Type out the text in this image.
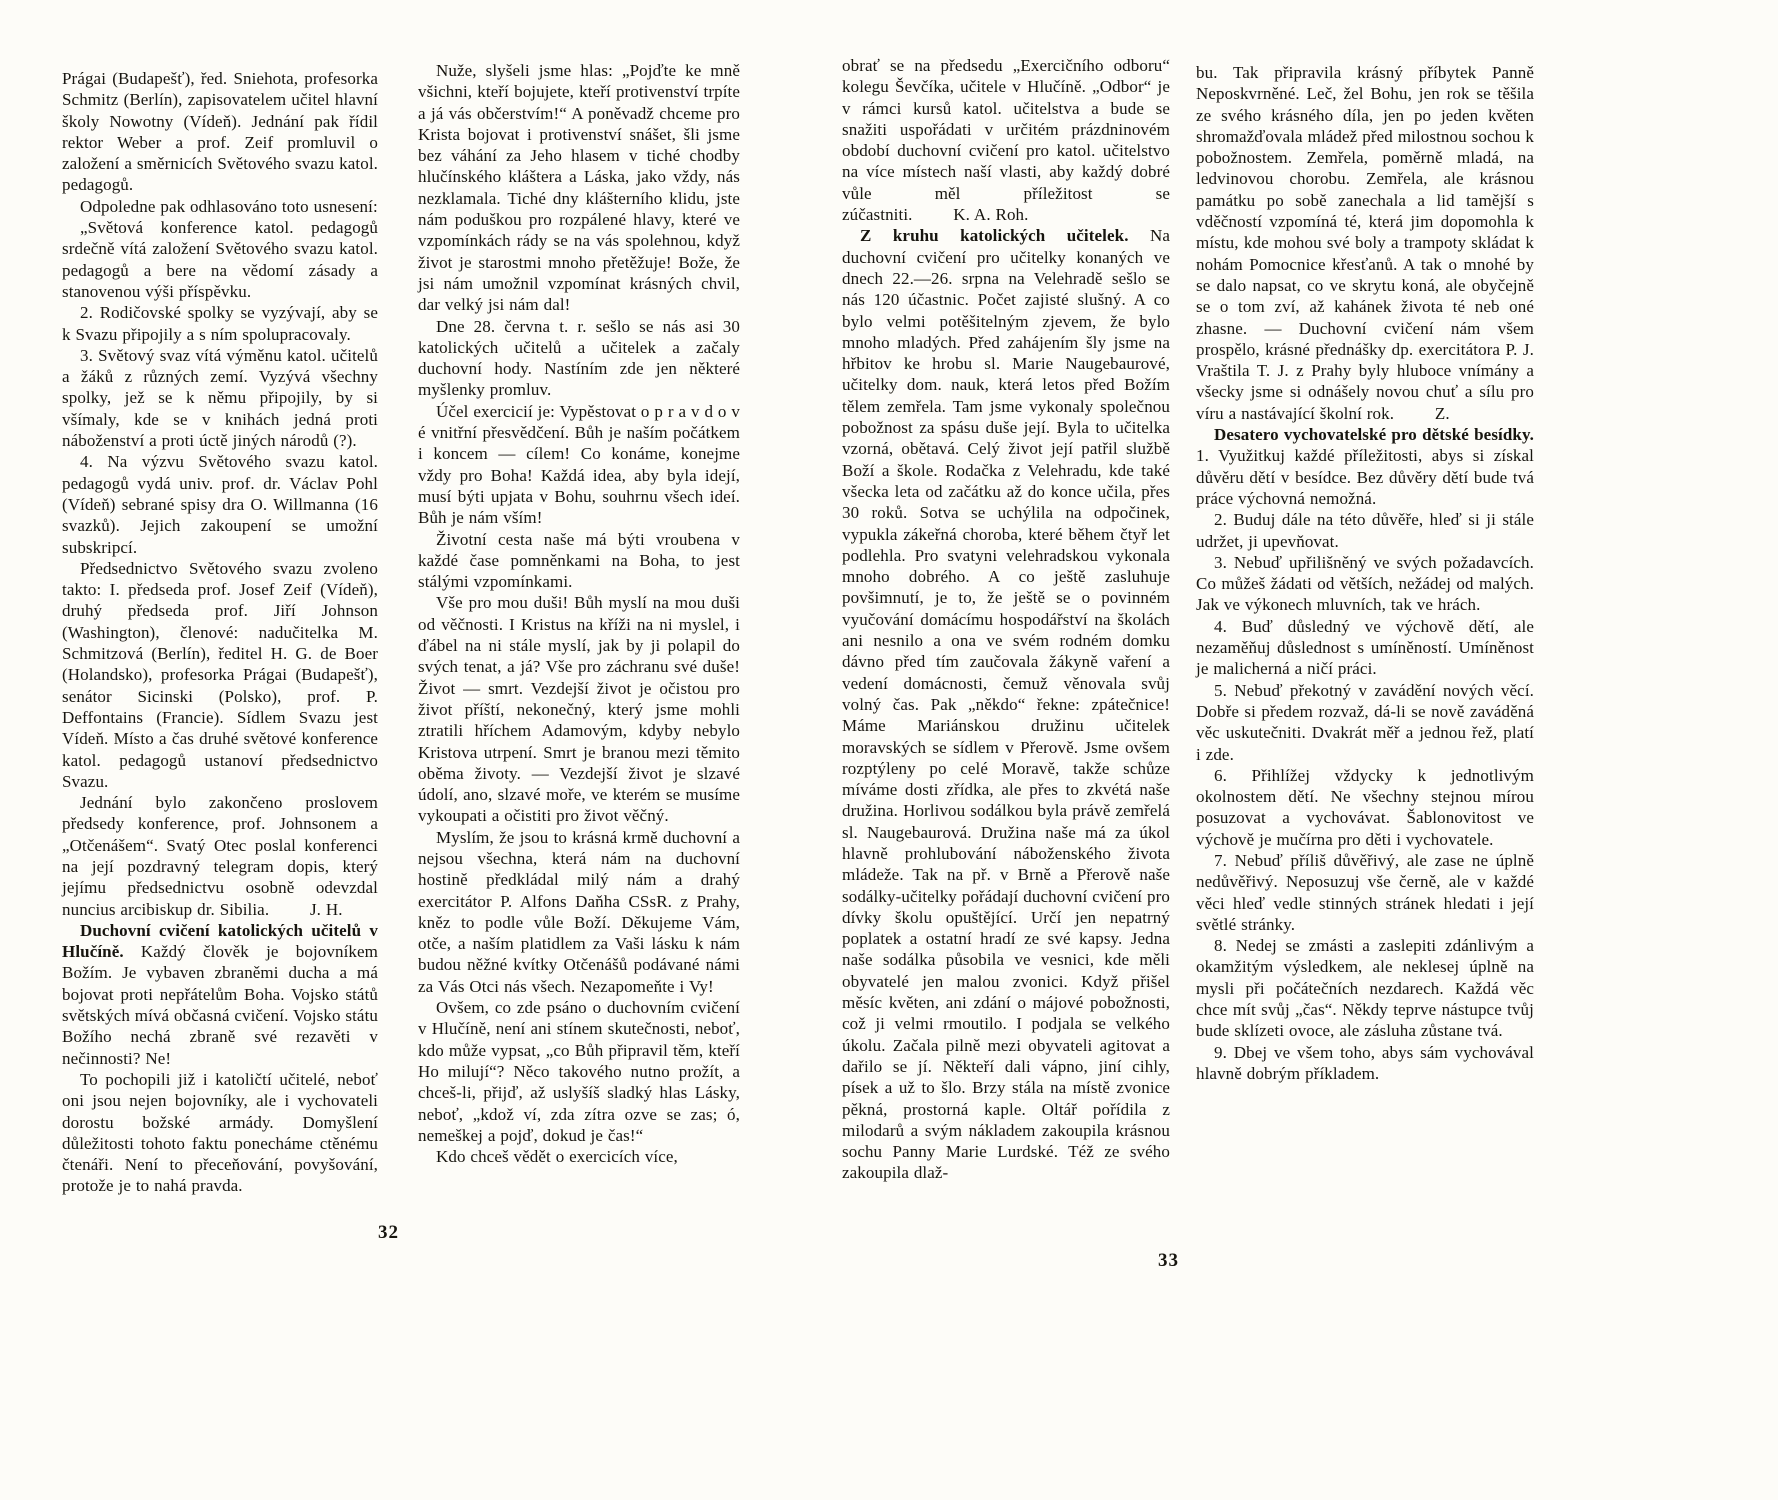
Prágai (Budapešť), řed. Sniehota, profesorka Schmitz (Berlín), zapisovatelem učitel hlavní školy Nowotny (Vídeň). Jednání pak řídil rektor Weber a prof. Zeif promluvil o založení a směrnicích Světového svazu katol. pedagogů.

Odpoledne pak odhlasováno toto usnesení:

„Světová konference katol. pedagogů srdečně vítá založení Světového svazu katol. pedagogů a bere na vědomí zásady a stanovenou výši příspěvku.

2. Rodičovské spolky se vyzývají, aby se k Svazu připojily a s ním spolupracovaly.

3. Světový svaz vítá výměnu katol. učitelů a žáků z různých zemí. Vyzývá všechny spolky, jež se k němu připojily, by si všímaly, kde se v knihách jedná proti náboženství a proti úctě jiných národů (?).

4. Na výzvu Světového svazu katol. pedagogů vydá univ. prof. dr. Václav Pohl (Vídeň) sebrané spisy dra O. Willmanna (16 svazků). Jejich zakoupení se umožní subskripcí.

Předsednictvo Světového svazu zvoleno takto: I. předseda prof. Josef Zeif (Vídeň), druhý předseda prof. Jiří Johnson (Washington), členové: nadučitelka M. Schmitzová (Berlín), ředitel H. G. de Boer (Holandsko), profesorka Prágai (Budapešť), senátor Sicinski (Polsko), prof. P. Deffontains (Francie). Sídlem Svazu jest Vídeň. Místo a čas druhé světové konference katol. pedagogů ustanoví předsednictvo Svazu.

Jednání bylo zakončeno proslovem předsedy konference, prof. Johnsonem a „Otčenášem“. Svatý Otec poslal konferenci na její pozdravný telegram dopis, který jejímu předsednictvu osobně odevzdal nuncius arcibiskup dr. Sibilia. J. H.

Duchovní cvičení katolických učitelů v Hlučíně. Každý člověk je bojovníkem Božím. Je vybaven zbraněmi ducha a má bojovat proti nepřátelům Boha. Vojsko států světských mívá občasná cvičení. Vojsko státu Božího nechá zbraně své rezavěti v nečinnosti? Ne!

To pochopili již i katoličtí učitelé, neboť oni jsou nejen bojovníky, ale i vychovateli dorostu božské armády. Domyšlení důležitosti tohoto faktu ponecháme ctěnému čtenáři. Není to přeceňování, povyšování, protože je to nahá pravda.

Nuže, slyšeli jsme hlas: „Pojďte ke mně všichni, kteří bojujete, kteří protivenství trpíte a já vás občerstvím!“ A poněvadž chceme pro Krista bojovat i protivenství snášet, šli jsme bez váhání za Jeho hlasem v tiché chodby hlučínského kláštera a Láska, jako vždy, nás nezklamala. Tiché dny klášterního klidu, jste nám poduškou pro rozpálené hlavy, které ve vzpomínkách rády se na vás spolehnou, když život je starostmi mnoho přetěžuje! Bože, že jsi nám umožnil vzpomínat krásných chvil, dar velký jsi nám dal!

Dne 28. června t. r. sešlo se nás asi 30 katolických učitelů a učitelek a začaly duchovní hody. Nastíním zde jen některé myšlenky promluv.

Účel exercicií je: Vypěstovat o p r a v d o v é vnitřní přesvědčení. Bůh je naším počátkem i koncem — cílem! Co konáme, konejme vždy pro Boha! Každá idea, aby byla idejí, musí býti upjata v Bohu, souhrnu všech ideí. Bůh je nám vším!

Životní cesta naše má býti vroubena v každé čase pomněnkami na Boha, to jest stálými vzpomínkami.

Vše pro mou duši! Bůh myslí na mou duši od věčnosti. I Kristus na kříži na ni myslel, i ďábel na ni stále myslí, jak by ji polapil do svých tenat, a já? Vše pro záchranu své duše! Život — smrt. Vezdejší život je očistou pro život příští, nekonečný, který jsme mohli ztratili hříchem Adamovým, kdyby nebylo Kristova utrpení. Smrt je branou mezi těmito oběma životy. — Vezdejší život je slzavé údolí, ano, slzavé moře, ve kterém se musíme vykoupati a očistiti pro život věčný.

Myslím, že jsou to krásná krmě duchovní a nejsou všechna, která nám na duchovní hostině předkládal milý nám a drahý exercitátor P. Alfons Daňha CSsR. z Prahy, kněz to podle vůle Boží. Děkujeme Vám, otče, a naším platidlem za Vaši lásku k nám budou něžné kvítky Otčenášů podávané námi za Vás Otci nás všech. Nezapomeňte i Vy!

Ovšem, co zde psáno o duchovním cvičení v Hlučíně, není ani stínem skutečnosti, neboť, kdo může vypsat, „co Bůh připravil těm, kteří Ho milují“? Něco takového nutno prožít, a chceš-li, přijď, až uslyšíš sladký hlas Lásky, neboť, „kdož ví, zda zítra ozve se zas; ó, nemeškej a pojď, dokud je čas!“

Kdo chceš vědět o exercicích více,

32

obrať se na předsedu „Exercičního odboru“ kolegu Ševčíka, učitele v Hlučíně. „Odbor“ je v rámci kursů katol. učitelstva a bude se snažiti uspořádati v určitém prázdninovém období duchovní cvičení pro katol. učitelstvo na více místech naší vlasti, aby každý dobré vůle měl příležitost se zúčastniti. K. A. Roh.

Z kruhu katolických učitelek. Na duchovní cvičení pro učitelky konaných ve dnech 22.—26. srpna na Velehradě sešlo se nás 120 účastnic. Počet zajisté slušný. A co bylo velmi potěšitelným zjevem, že bylo mnoho mladých. Před zahájením šly jsme na hřbitov ke hrobu sl. Marie Naugebaurové, učitelky dom. nauk, která letos před Božím tělem zemřela. Tam jsme vykonaly společnou pobožnost za spásu duše její. Byla to učitelka vzorná, obětavá. Celý život její patřil službě Boží a škole. Rodačka z Velehradu, kde také všecka leta od začátku až do konce učila, přes 30 roků. Sotva se uchýlila na odpočinek, vypukla zákeřná choroba, které během čtyř let podlehla. Pro svatyni velehradskou vykonala mnoho dobrého. A co ještě zasluhuje povšimnutí, je to, že ještě se o povinném vyučování domácímu hospodářství na školách ani nesnilo a ona ve svém rodném domku dávno před tím zaučovala žákyně vaření a vedení domácnosti, čemuž věnovala svůj volný čas. Pak „někdo“ řekne: zpátečnice! Máme Mariánskou družinu učitelek moravských se sídlem v Přerově. Jsme ovšem rozptýleny po celé Moravě, takže schůze míváme dosti zřídka, ale přes to zkvétá naše družina. Horlivou sodálkou byla právě zemřelá sl. Naugebaurová. Družina naše má za úkol hlavně prohlubování náboženského života mládeže. Tak na př. v Brně a Přerově naše sodálky-učitelky pořádají duchovní cvičení pro dívky školu opuštějící. Určí jen nepatrný poplatek a ostatní hradí ze své kapsy. Jedna naše sodálka působila ve vesnici, kde měli obyvatelé jen malou zvonici. Když přišel měsíc květen, ani zdání o májové pobožnosti, což ji velmi rmoutilo. I podjala se velkého úkolu. Začala pilně mezi obyvateli agitovat a dařilo se jí. Někteří dali vápno, jiní cihly, písek a už to šlo. Brzy stála na místě zvonice pěkná, prostorná kaple. Oltář pořídila z milodarů a svým nákladem zakoupila krásnou sochu Panny Marie Lurdské. Též ze svého zakoupila dlaž-

bu. Tak připravila krásný příbytek Panně Neposkvrněné. Leč, žel Bohu, jen rok se těšila ze svého krásného díla, jen po jeden květen shromažďovala mládež před milostnou sochou k pobožnostem. Zemřela, poměrně mladá, na ledvinovou chorobu. Zemřela, ale krásnou památku po sobě zanechala a lid tamější s vděčností vzpomíná té, která jim dopomohla k místu, kde mohou své boly a trampoty skládat k nohám Pomocnice křesťanů. A tak o mnohé by se dalo napsat, co ve skrytu koná, ale obyčejně se o tom zví, až kahánek života té neb oné zhasne. — Duchovní cvičení nám všem prospělo, krásné přednášky dp. exercitátora P. J. Vraštila T. J. z Prahy byly hluboce vnímány a všecky jsme si odnášely novou chuť a sílu pro víru a nastávající školní rok. Z.

Desatero vychovatelské pro dětské besídky. 1. Využitkuj každé příležitosti, abys si získal důvěru dětí v besídce. Bez důvěry dětí bude tvá práce výchovná nemožná.

2. Buduj dále na této důvěře, hleď si ji stále udržet, ji upevňovat.

3. Nebuď upřilišněný ve svých požadavcích. Co můžeš žádati od větších, nežádej od malých. Jak ve výkonech mluvních, tak ve hrách.

4. Buď důsledný ve výchově dětí, ale nezaměňuj důslednost s umíněností. Umíněnost je malicherná a ničí práci.

5. Nebuď překotný v zavádění nových věcí. Dobře si předem rozvaž, dá-li se nově zaváděná věc uskutečniti. Dvakrát měř a jednou řež, platí i zde.

6. Přihlížej vždycky k jednotlivým okolnostem dětí. Ne všechny stejnou mírou posuzovat a vychovávat. Šablonovitost ve výchově je mučírna pro děti i vychovatele.

7. Nebuď příliš důvěřivý, ale zase ne úplně nedůvěřivý. Neposuzuj vše černě, ale v každé věci hleď vedle stinných stránek hledati i její světlé stránky.

8. Nedej se zmásti a zaslepiti zdánlivým a okamžitým výsledkem, ale neklesej úplně na mysli při počátečních nezdarech. Každá věc chce mít svůj „čas“. Někdy teprve nástupce tvůj bude sklízeti ovoce, ale zásluha zůstane tvá.

9. Dbej ve všem toho, abys sám vychovával hlavně dobrým příkladem.

33
